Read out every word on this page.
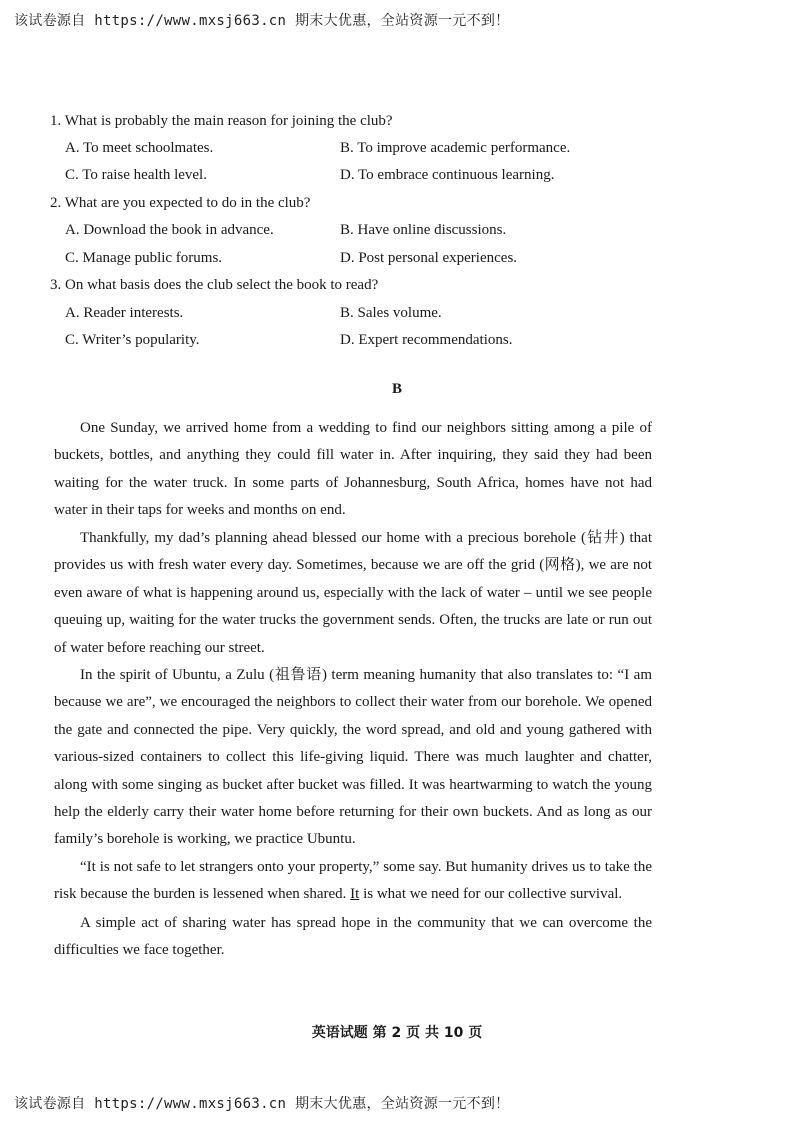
该试卷源自 https://www.mxsj663.cn 期末大优惠，全站资源一元不到！
1. What is probably the main reason for joining the club?
A. To meet schoolmates.	B. To improve academic performance.
C. To raise health level.	D. To embrace continuous learning.
2. What are you expected to do in the club?
A. Download the book in advance.	B. Have online discussions.
C. Manage public forums.	D. Post personal experiences.
3. On what basis does the club select the book to read?
A. Reader interests.	B. Sales volume.
C. Writer’s popularity.	D. Expert recommendations.
B

One Sunday, we arrived home from a wedding to find our neighbors sitting among a pile of buckets, bottles, and anything they could fill water in. After inquiring, they said they had been waiting for the water truck. In some parts of Johannesburg, South Africa, homes have not had water in their taps for weeks and months on end.

Thankfully, my dad’s planning ahead blessed our home with a precious borehole (钻井) that provides us with fresh water every day. Sometimes, because we are off the grid (网格), we are not even aware of what is happening around us, especially with the lack of water – until we see people queuing up, waiting for the water trucks the government sends. Often, the trucks are late or run out of water before reaching our street.

In the spirit of Ubuntu, a Zulu (祖鲁语) term meaning humanity that also translates to: “I am because we are”, we encouraged the neighbors to collect their water from our borehole. We opened the gate and connected the pipe. Very quickly, the word spread, and old and young gathered with various-sized containers to collect this life-giving liquid. There was much laughter and chatter, along with some singing as bucket after bucket was filled. It was heartwarming to watch the young help the elderly carry their water home before returning for their own buckets. And as long as our family’s borehole is working, we practice Ubuntu.

“It is not safe to let strangers onto your property,” some say. But humanity drives us to take the risk because the burden is lessened when shared. It is what we need for our collective survival.

A simple act of sharing water has spread hope in the community that we can overcome the difficulties we face together.

英语试题 第 2 页 共 10 页
该试卷源自 https://www.mxsj663.cn 期末大优惠，全站资源一元不到！
